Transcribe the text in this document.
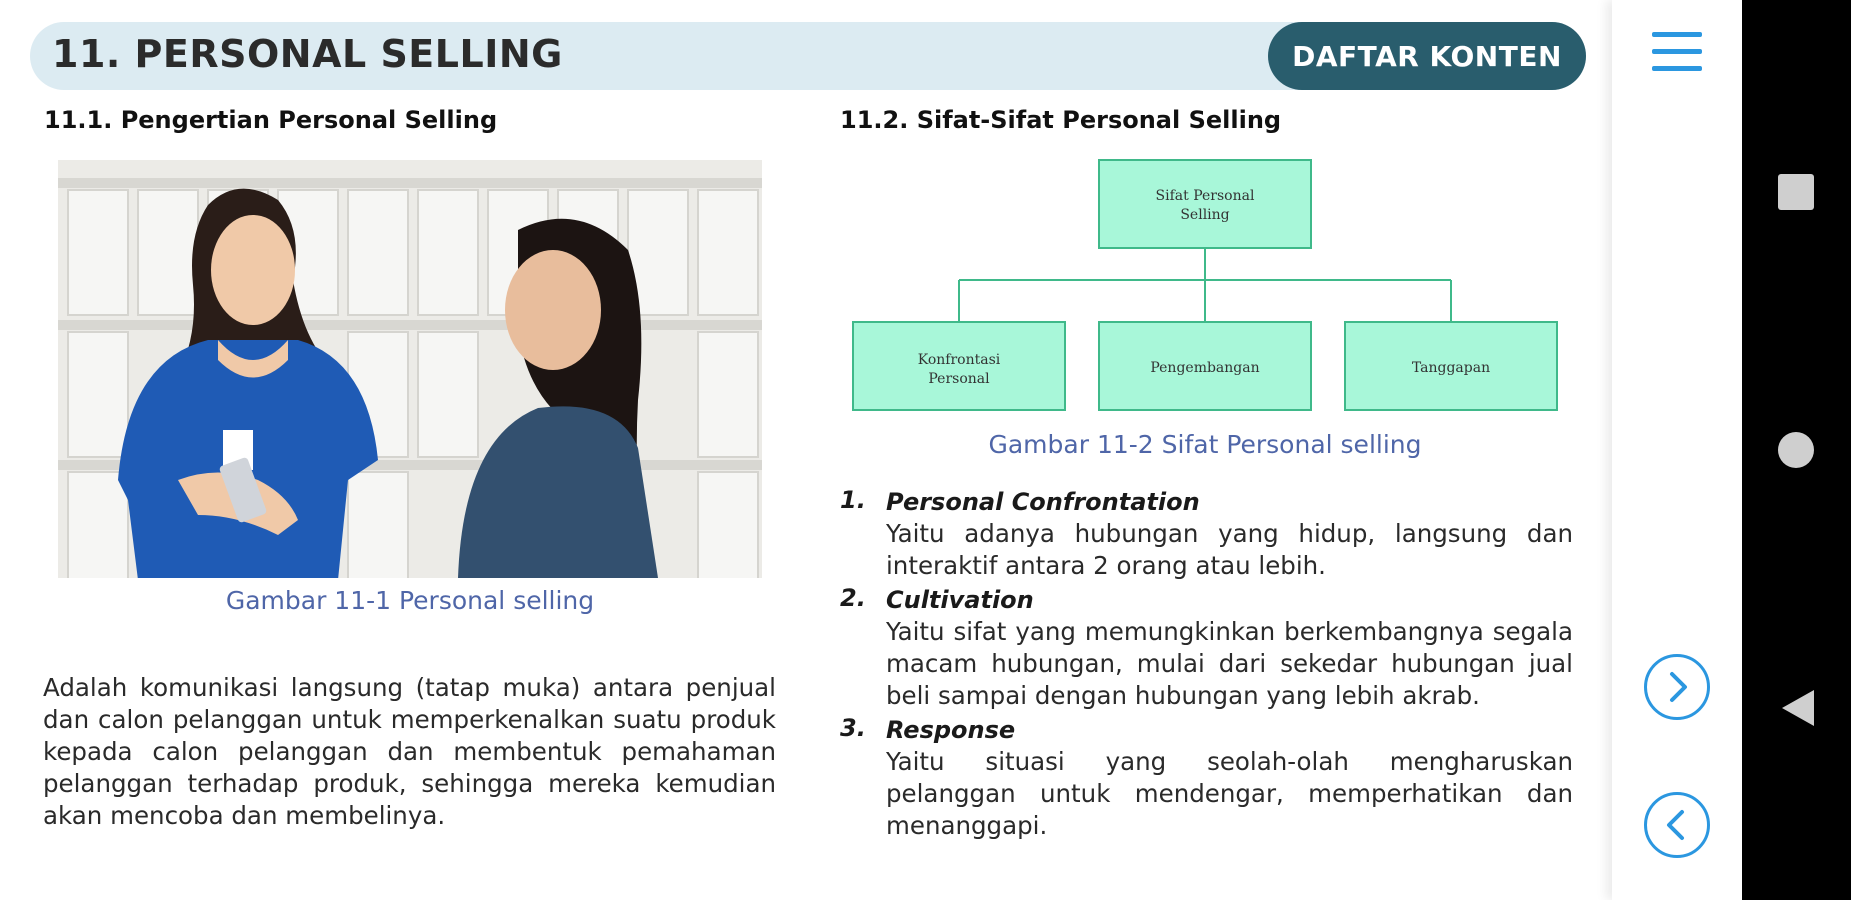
11. PERSONAL SELLING	DAFTAR KONTEN
11.1. Pengertian Personal Selling
Gambar 11-1 Personal selling
Adalah komunikasi langsung (tatap muka) antara penjual dan calon pelanggan untuk memperkenalkan suatu produk kepada calon pelanggan dan membentuk pemahaman pelanggan terhadap produk, sehingga mereka kemudian akan mencoba dan membelinya.
11.2. Sifat-Sifat Personal Selling
Sifat Personal
Selling
Konfrontasi
Personal
Pengembangan	Tanggapan
Gambar 11-2 Sifat Personal selling
1. Personal Confrontation
Yaitu adanya hubungan yang hidup, langsung dan interaktif antara 2 orang atau lebih.
2. Cultivation
Yaitu sifat yang memungkinkan berkembangnya segala macam hubungan, mulai dari sekedar hubungan jual beli sampai dengan hubungan yang lebih akrab.
3. Response
Yaitu situasi yang seolah-olah mengharuskan pelanggan untuk mendengar, memperhatikan dan menanggapi.
